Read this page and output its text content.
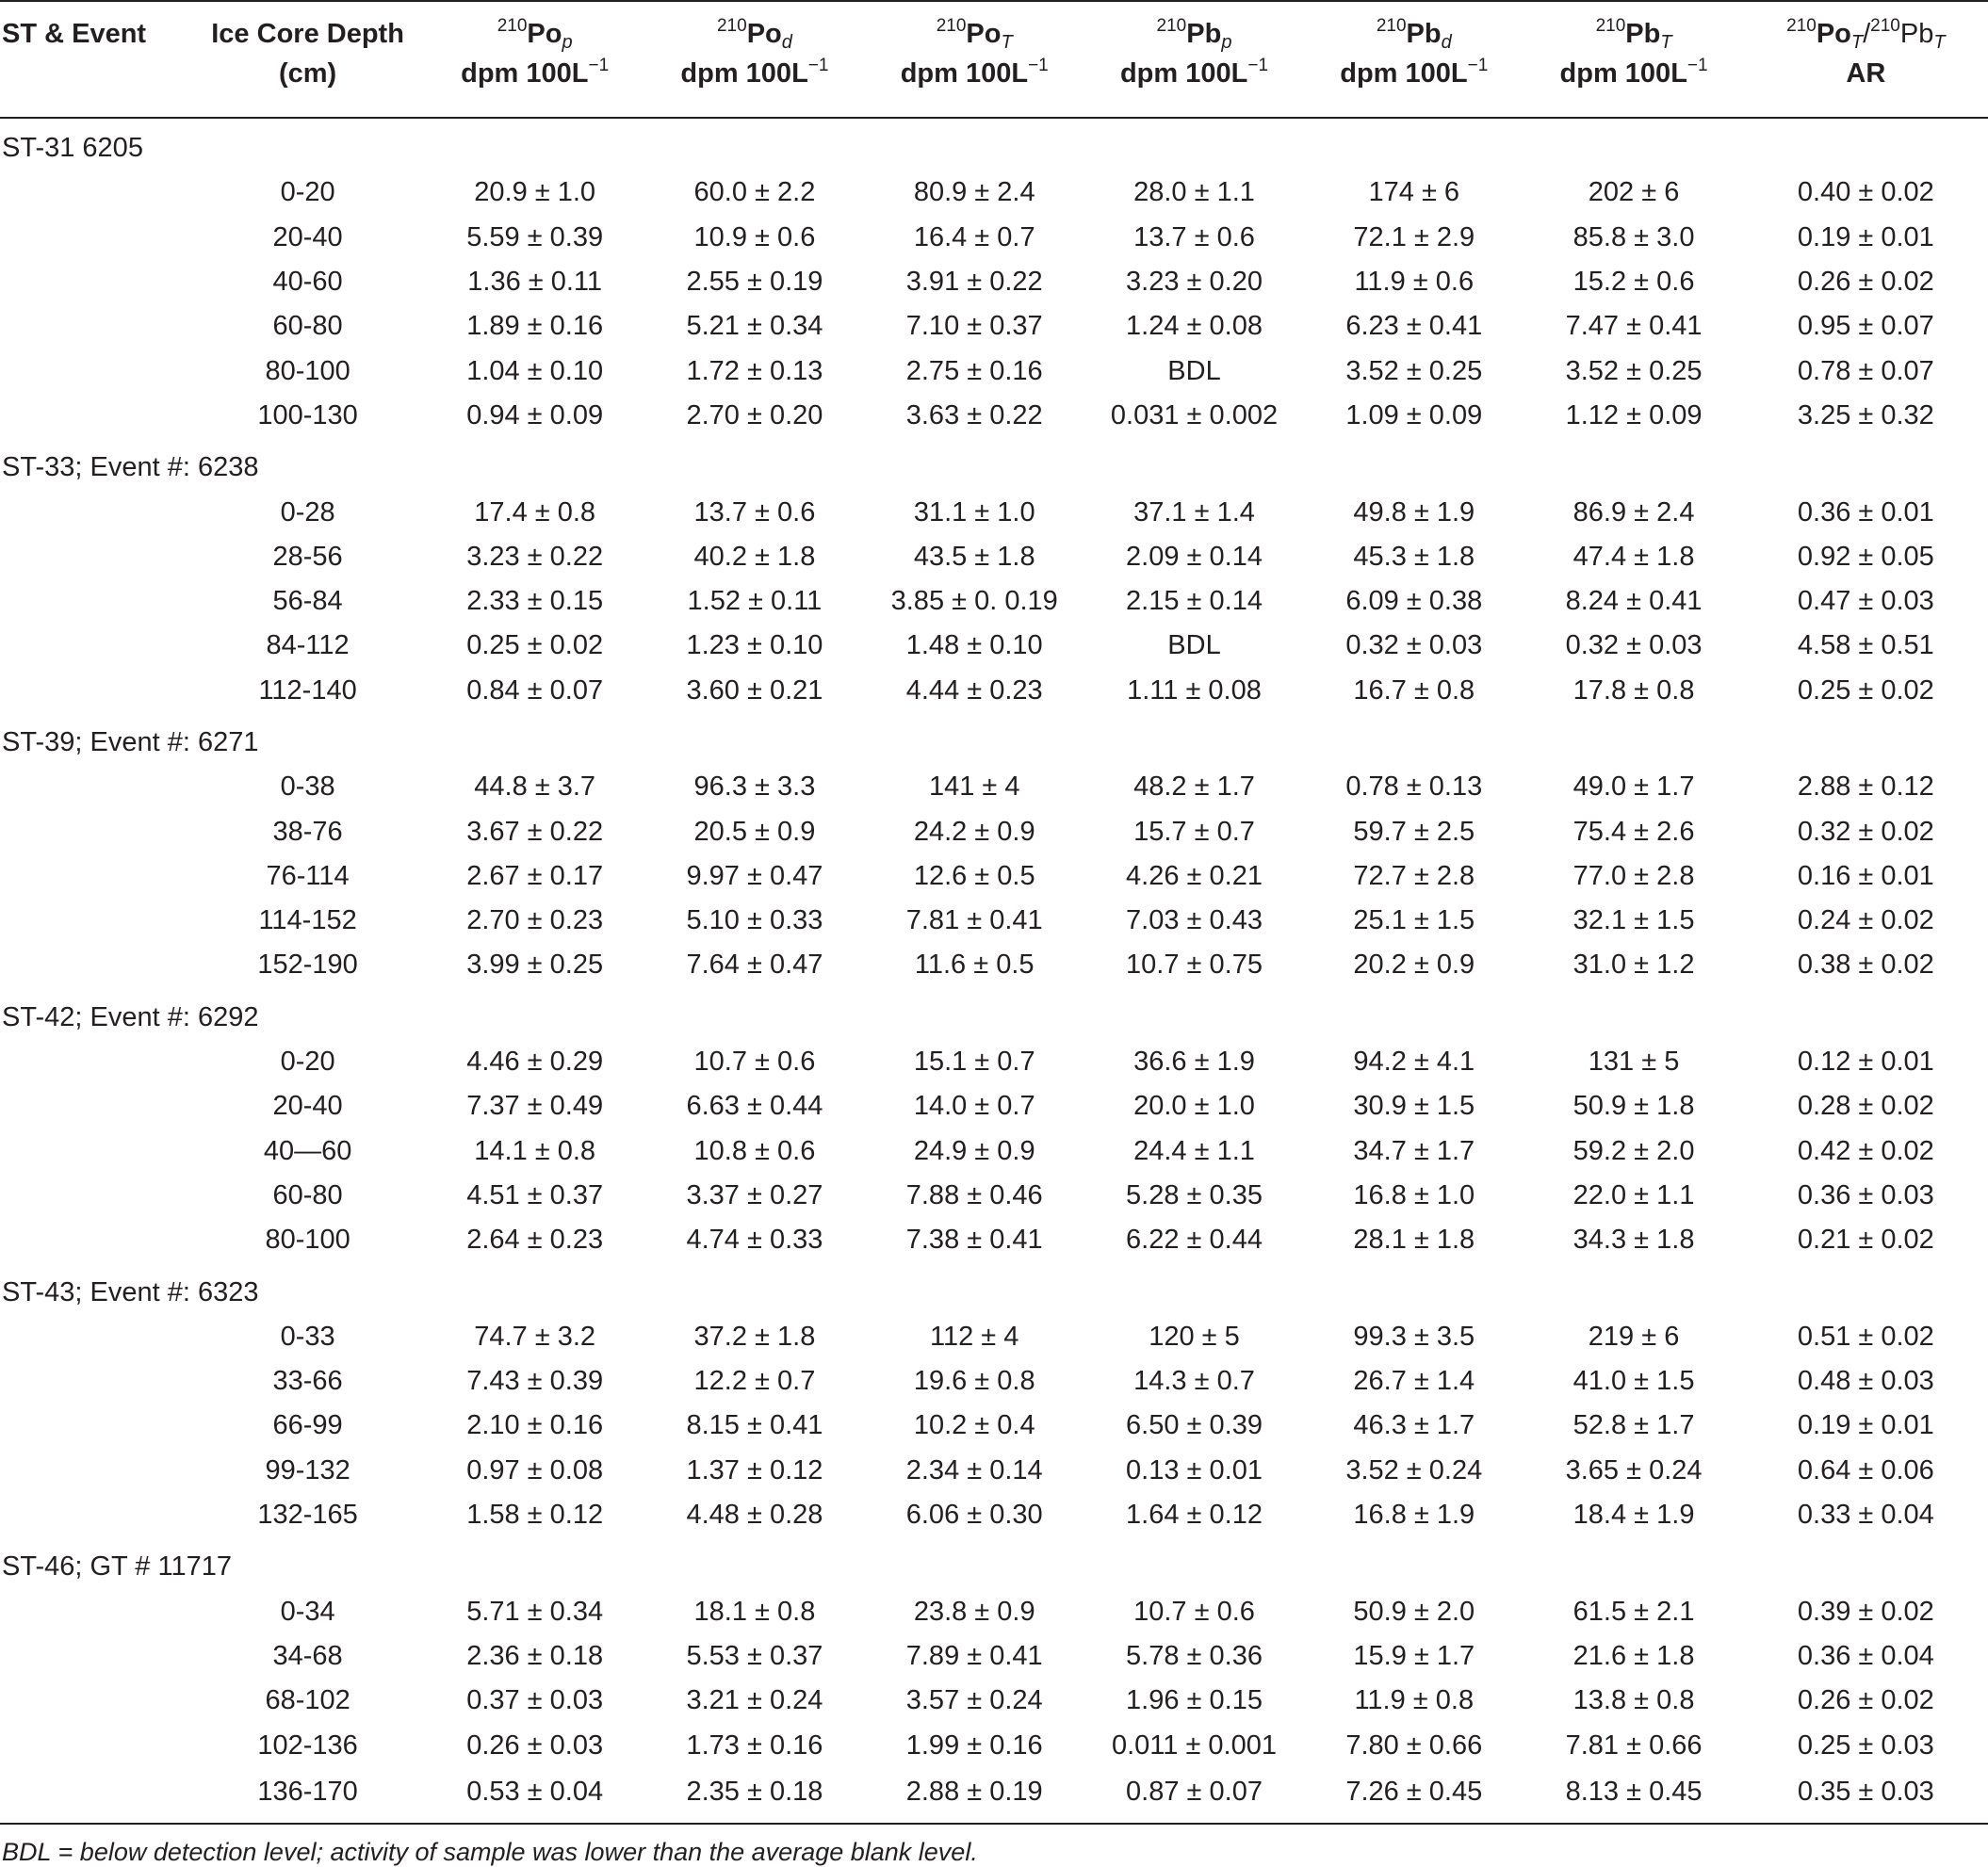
ST & Event	Ice Core Depth	$^{210}Po_p$	$^{210}Po_d$	$^{210}Po_T$	$^{210}Pb_p$	$^{210}Pb_d$	$^{210}Pb_T$	$^{210}Po_T/^{210}Pb_T$
	(cm)	dpm $100L^{-1}$	dpm $100L^{-1}$	dpm $100L^{-1}$	dpm $100L^{-1}$	dpm $100L^{-1}$	dpm $100L^{-1}$	AR
ST-31 6205								
	0-20	20.9 ± 1.0	60.0 ± 2.2	80.9 ± 2.4	28.0 ± 1.1	174 ± 6	202 ± 6	0.40 ± 0.02
	20-40	5.59 ± 0.39	10.9 ± 0.6	16.4 ± 0.7	13.7 ± 0.6	72.1 ± 2.9	85.8 ± 3.0	0.19 ± 0.01
	40-60	1.36 ± 0.11	2.55 ± 0.19	3.91 ± 0.22	3.23 ± 0.20	11.9 ± 0.6	15.2 ± 0.6	0.26 ± 0.02
	60-80	1.89 ± 0.16	5.21 ± 0.34	7.10 ± 0.37	1.24 ± 0.08	6.23 ± 0.41	7.47 ± 0.41	0.95 ± 0.07
	80-100	1.04 ± 0.10	1.72 ± 0.13	2.75 ± 0.16	BDL	3.52 ± 0.25	3.52 ± 0.25	0.78 ± 0.07
	100-130	0.94 ± 0.09	2.70 ± 0.20	3.63 ± 0.22	0.031 ± 0.002	1.09 ± 0.09	1.12 ± 0.09	3.25 ± 0.32
ST-33; Event #: 6238								
	0-28	17.4 ± 0.8	13.7 ± 0.6	31.1 ± 1.0	37.1 ± 1.4	49.8 ± 1.9	86.9 ± 2.4	0.36 ± 0.01
	28-56	3.23 ± 0.22	40.2 ± 1.8	43.5 ± 1.8	2.09 ± 0.14	45.3 ± 1.8	47.4 ± 1.8	0.92 ± 0.05
	56-84	2.33 ± 0.15	1.52 ± 0.11	3.85 ± 0. 0.19	2.15 ± 0.14	6.09 ± 0.38	8.24 ± 0.41	0.47 ± 0.03
	84-112	0.25 ± 0.02	1.23 ± 0.10	1.48 ± 0.10	BDL	0.32 ± 0.03	0.32 ± 0.03	4.58 ± 0.51
	112-140	0.84 ± 0.07	3.60 ± 0.21	4.44 ± 0.23	1.11 ± 0.08	16.7 ± 0.8	17.8 ± 0.8	0.25 ± 0.02
ST-39; Event #: 6271								
	0-38	44.8 ± 3.7	96.3 ± 3.3	141 ± 4	48.2 ± 1.7	0.78 ± 0.13	49.0 ± 1.7	2.88 ± 0.12
	38-76	3.67 ± 0.22	20.5 ± 0.9	24.2 ± 0.9	15.7 ± 0.7	59.7 ± 2.5	75.4 ± 2.6	0.32 ± 0.02
	76-114	2.67 ± 0.17	9.97 ± 0.47	12.6 ± 0.5	4.26 ± 0.21	72.7 ± 2.8	77.0 ± 2.8	0.16 ± 0.01
	114-152	2.70 ± 0.23	5.10 ± 0.33	7.81 ± 0.41	7.03 ± 0.43	25.1 ± 1.5	32.1 ± 1.5	0.24 ± 0.02
	152-190	3.99 ± 0.25	7.64 ± 0.47	11.6 ± 0.5	10.7 ± 0.75	20.2 ± 0.9	31.0 ± 1.2	0.38 ± 0.02
ST-42; Event #: 6292								
	0-20	4.46 ± 0.29	10.7 ± 0.6	15.1 ± 0.7	36.6 ± 1.9	94.2 ± 4.1	131 ± 5	0.12 ± 0.01
	20-40	7.37 ± 0.49	6.63 ± 0.44	14.0 ± 0.7	20.0 ± 1.0	30.9 ± 1.5	50.9 ± 1.8	0.28 ± 0.02
	40—60	14.1 ± 0.8	10.8 ± 0.6	24.9 ± 0.9	24.4 ± 1.1	34.7 ± 1.7	59.2 ± 2.0	0.42 ± 0.02
	60-80	4.51 ± 0.37	3.37 ± 0.27	7.88 ± 0.46	5.28 ± 0.35	16.8 ± 1.0	22.0 ± 1.1	0.36 ± 0.03
	80-100	2.64 ± 0.23	4.74 ± 0.33	7.38 ± 0.41	6.22 ± 0.44	28.1 ± 1.8	34.3 ± 1.8	0.21 ± 0.02
ST-43; Event #: 6323								
	0-33	74.7 ± 3.2	37.2 ± 1.8	112 ± 4	120 ± 5	99.3 ± 3.5	219 ± 6	0.51 ± 0.02
	33-66	7.43 ± 0.39	12.2 ± 0.7	19.6 ± 0.8	14.3 ± 0.7	26.7 ± 1.4	41.0 ± 1.5	0.48 ± 0.03
	66-99	2.10 ± 0.16	8.15 ± 0.41	10.2 ± 0.4	6.50 ± 0.39	46.3 ± 1.7	52.8 ± 1.7	0.19 ± 0.01
	99-132	0.97 ± 0.08	1.37 ± 0.12	2.34 ± 0.14	0.13 ± 0.01	3.52 ± 0.24	3.65 ± 0.24	0.64 ± 0.06
	132-165	1.58 ± 0.12	4.48 ± 0.28	6.06 ± 0.30	1.64 ± 0.12	16.8 ± 1.9	18.4 ± 1.9	0.33 ± 0.04
ST-46; GT # 11717								
	0-34	5.71 ± 0.34	18.1 ± 0.8	23.8 ± 0.9	10.7 ± 0.6	50.9 ± 2.0	61.5 ± 2.1	0.39 ± 0.02
	34-68	2.36 ± 0.18	5.53 ± 0.37	7.89 ± 0.41	5.78 ± 0.36	15.9 ± 1.7	21.6 ± 1.8	0.36 ± 0.04
	68-102	0.37 ± 0.03	3.21 ± 0.24	3.57 ± 0.24	1.96 ± 0.15	11.9 ± 0.8	13.8 ± 0.8	0.26 ± 0.02
	102-136	0.26 ± 0.03	1.73 ± 0.16	1.99 ± 0.16	0.011 ± 0.001	7.80 ± 0.66	7.81 ± 0.66	0.25 ± 0.03
	136-170	0.53 ± 0.04	2.35 ± 0.18	2.88 ± 0.19	0.87 ± 0.07	7.26 ± 0.45	8.13 ± 0.45	0.35 ± 0.03
BDL = below detection level; activity of sample was lower than the average blank level.
